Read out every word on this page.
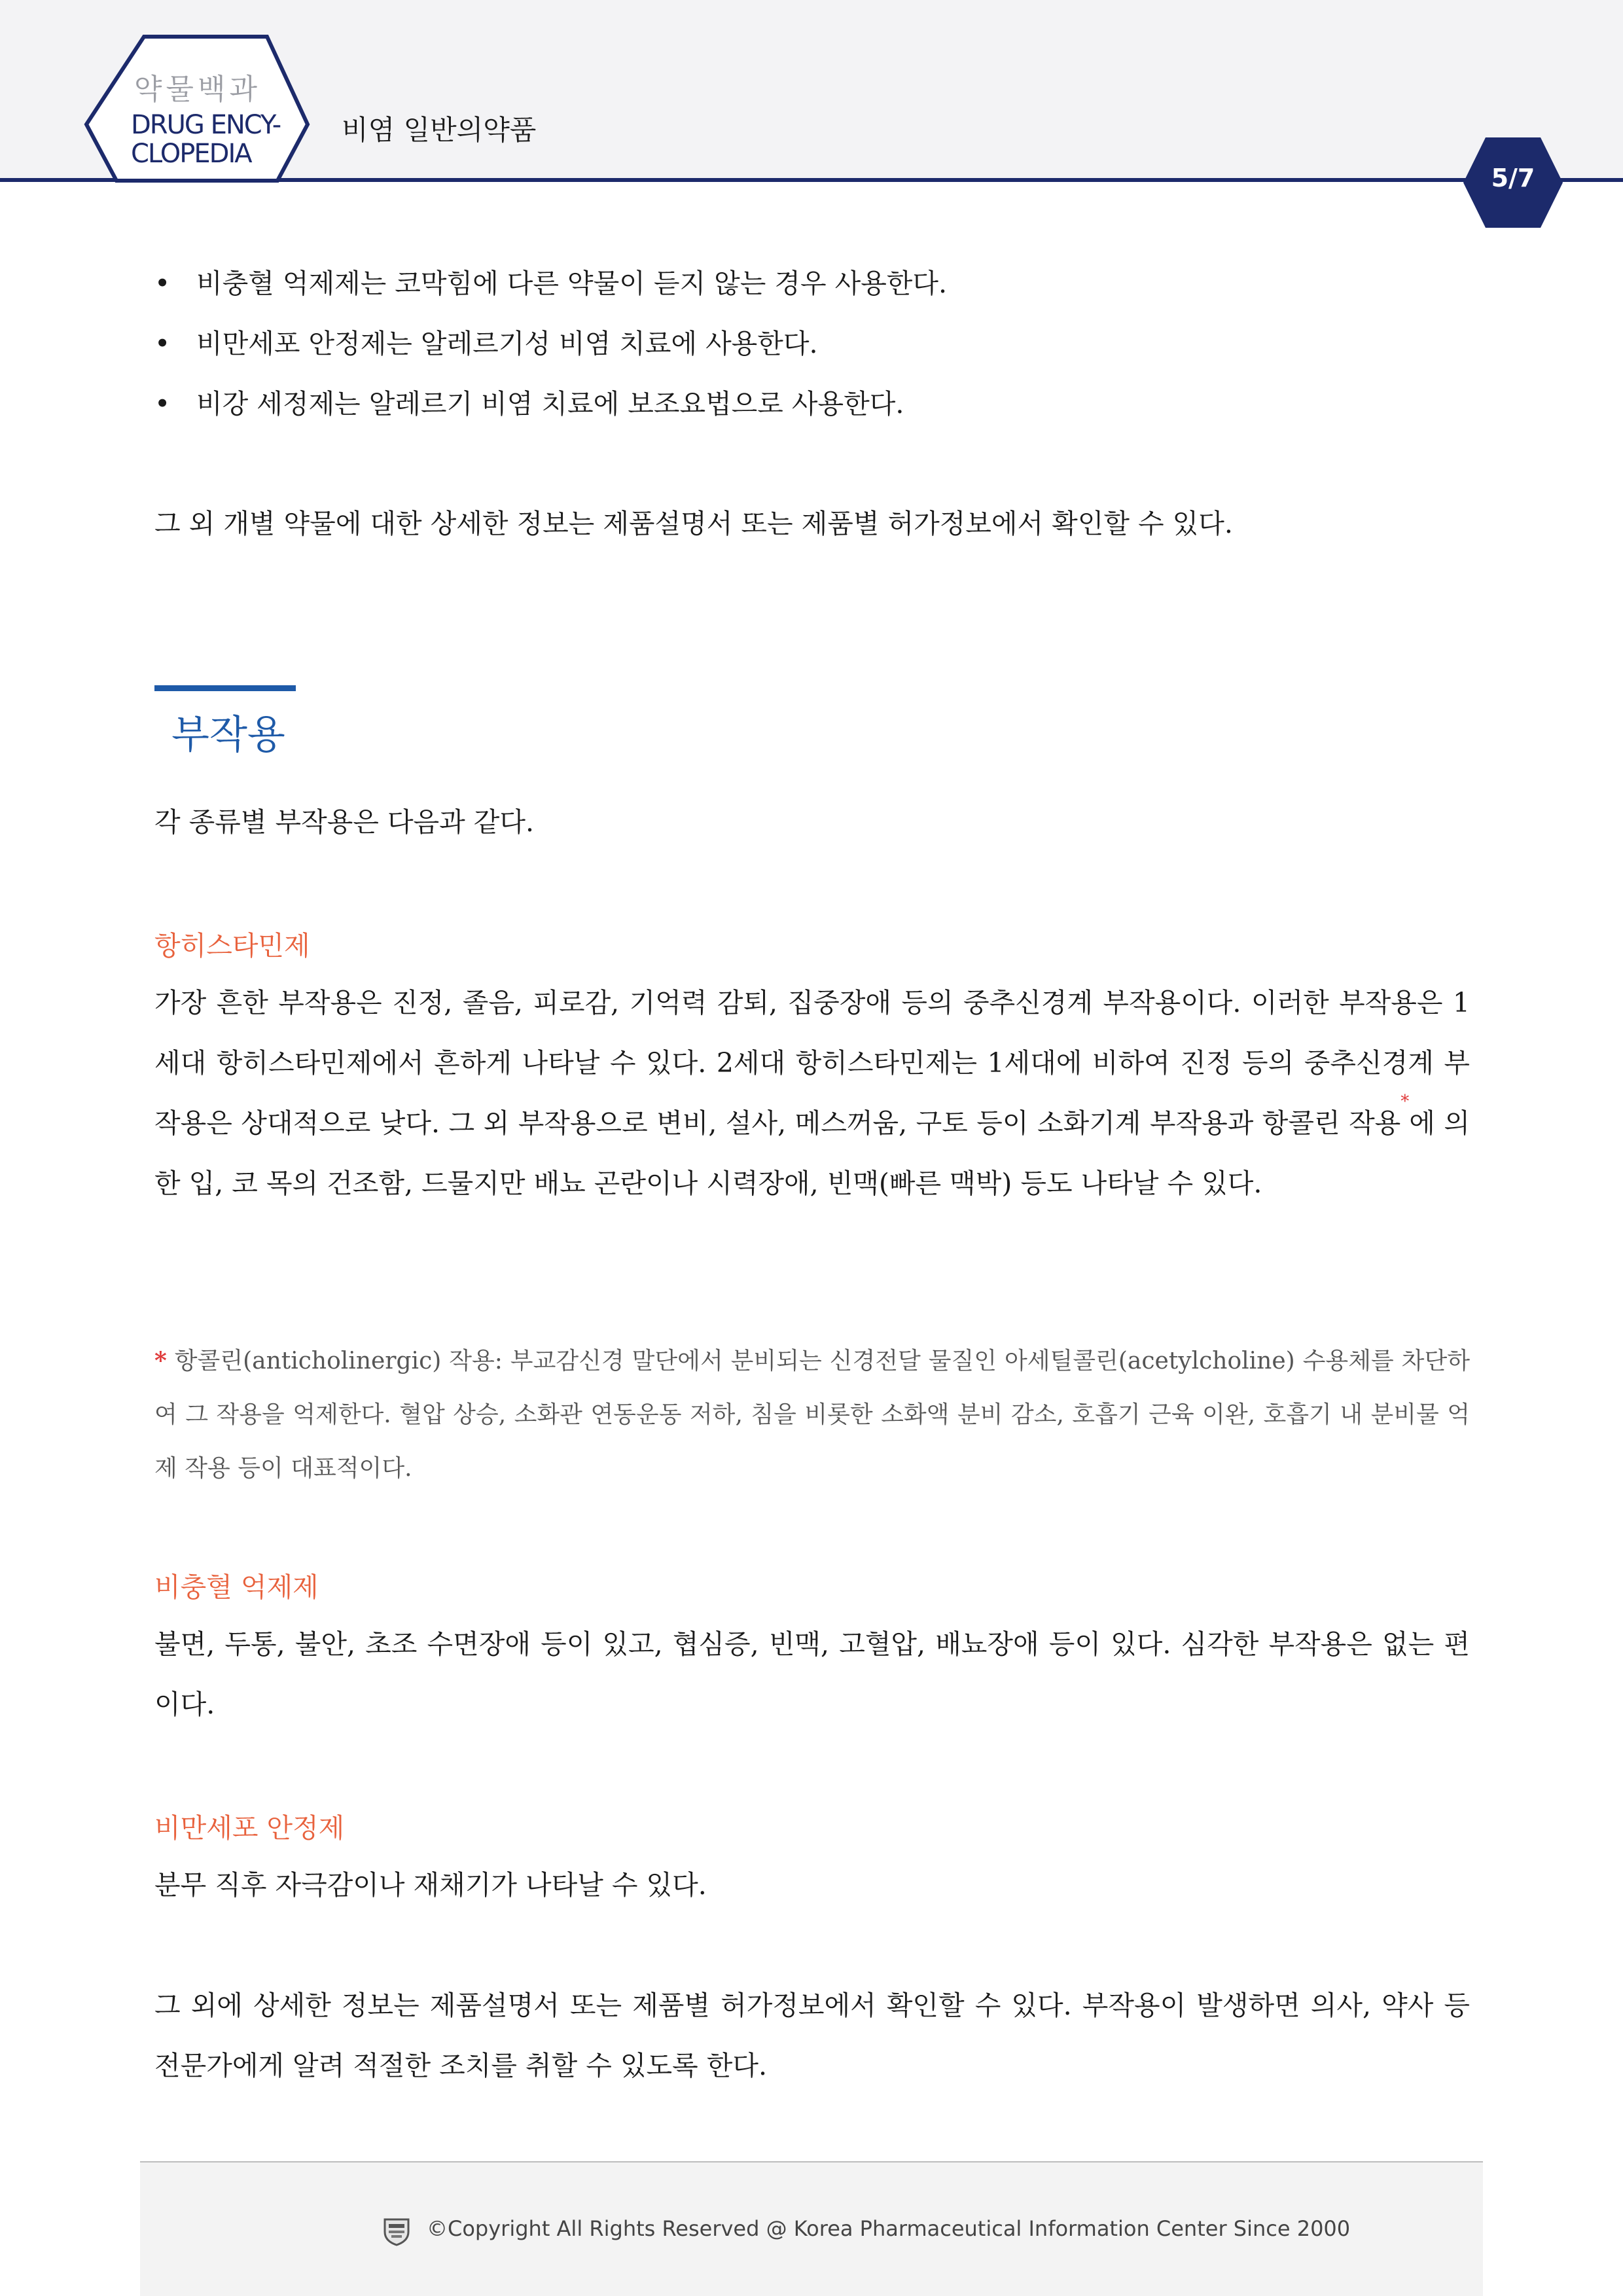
약물백과
DRUG ENCY-
CLOPEDIA
비염 일반의약품
5/7
• 비충혈 억제제는 코막힘에 다른 약물이 듣지 않는 경우 사용한다.
• 비만세포 안정제는 알레르기성 비염 치료에 사용한다.
• 비강 세정제는 알레르기 비염 치료에 보조요법으로 사용한다.
그 외 개별 약물에 대한 상세한 정보는 제품설명서 또는 제품별 허가정보에서 확인할 수 있다.
부작용
각 종류별 부작용은 다음과 같다.
항히스타민제
가장 흔한 부작용은 진정, 졸음, 피로감, 기억력 감퇴, 집중장애 등의 중추신경계 부작용이다. 이러한 부작용은 1세대 항히스타민제에서 흔하게 나타날 수 있다. 2세대 항히스타민제는 1세대에 비하여 진정 등의 중추신경계 부작용은 상대적으로 낮다. 그 외 부작용으로 변비, 설사, 메스꺼움, 구토 등이 소화기계 부작용과 항콜린 작용*에 의한 입, 코 목의 건조함, 드물지만 배뇨 곤란이나 시력장애, 빈맥(빠른 맥박) 등도 나타날 수 있다.
* 항콜린(anticholinergic) 작용: 부교감신경 말단에서 분비되는 신경전달 물질인 아세틸콜린(acetylcholine) 수용체를 차단하여 그 작용을 억제한다. 혈압 상승, 소화관 연동운동 저하, 침을 비롯한 소화액 분비 감소, 호흡기 근육 이완, 호흡기 내 분비물 억제 작용 등이 대표적이다.
비충혈 억제제
불면, 두통, 불안, 초조 수면장애 등이 있고, 협심증, 빈맥, 고혈압, 배뇨장애 등이 있다. 심각한 부작용은 없는 편이다.
비만세포 안정제
분무 직후 자극감이나 재채기가 나타날 수 있다.
그 외에 상세한 정보는 제품설명서 또는 제품별 허가정보에서 확인할 수 있다. 부작용이 발생하면 의사, 약사 등 전문가에게 알려 적절한 조치를 취할 수 있도록 한다.
©Copyright All Rights Reserved @ Korea Pharmaceutical Information Center Since 2000
